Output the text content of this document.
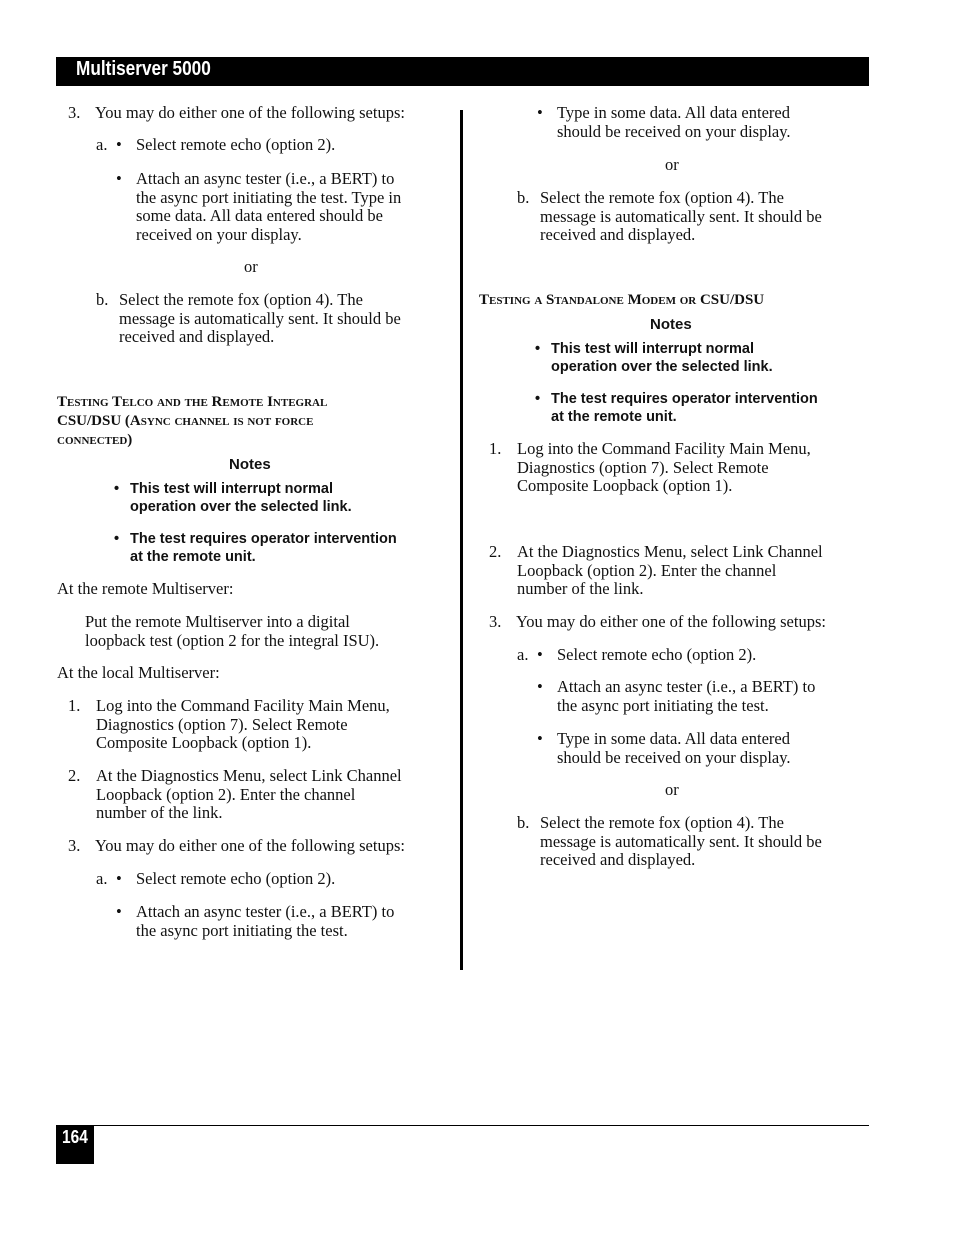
Multiserver 5000
3. You may do either one of the following setups:
a. • Select remote echo (option 2).
• Attach an async tester (i.e., a BERT) to
the async port initiating the test. Type in
some data. All data entered should be
received on your display.
or
b. Select the remote fox (option 4). The
message is automatically sent. It should be
received and displayed.
Testing Telco and the Remote Integral
CSU/DSU (Async channel is not force
connected)
Notes
• This test will interrupt normal
operation over the selected link.
• The test requires operator intervention
at the remote unit.
At the remote Multiserver:
Put the remote Multiserver into a digital
loopback test (option 2 for the integral ISU).
At the local Multiserver:
1. Log into the Command Facility Main Menu,
Diagnostics (option 7). Select Remote
Composite Loopback (option 1).
2. At the Diagnostics Menu, select Link Channel
Loopback (option 2). Enter the channel
number of the link.
3. You may do either one of the following setups:
a. • Select remote echo (option 2).
• Attach an async tester (i.e., a BERT) to
the async port initiating the test.
• Type in some data. All data entered
should be received on your display.
or
b. Select the remote fox (option 4). The
message is automatically sent. It should be
received and displayed.
Testing a Standalone Modem or CSU/DSU
Notes
• This test will interrupt normal
operation over the selected link.
• The test requires operator intervention
at the remote unit.
1. Log into the Command Facility Main Menu,
Diagnostics (option 7). Select Remote
Composite Loopback (option 1).
2. At the Diagnostics Menu, select Link Channel
Loopback (option 2). Enter the channel
number of the link.
3. You may do either one of the following setups:
a. • Select remote echo (option 2).
• Attach an async tester (i.e., a BERT) to
the async port initiating the test.
• Type in some data. All data entered
should be received on your display.
or
b. Select the remote fox (option 4). The
message is automatically sent. It should be
received and displayed.
164
